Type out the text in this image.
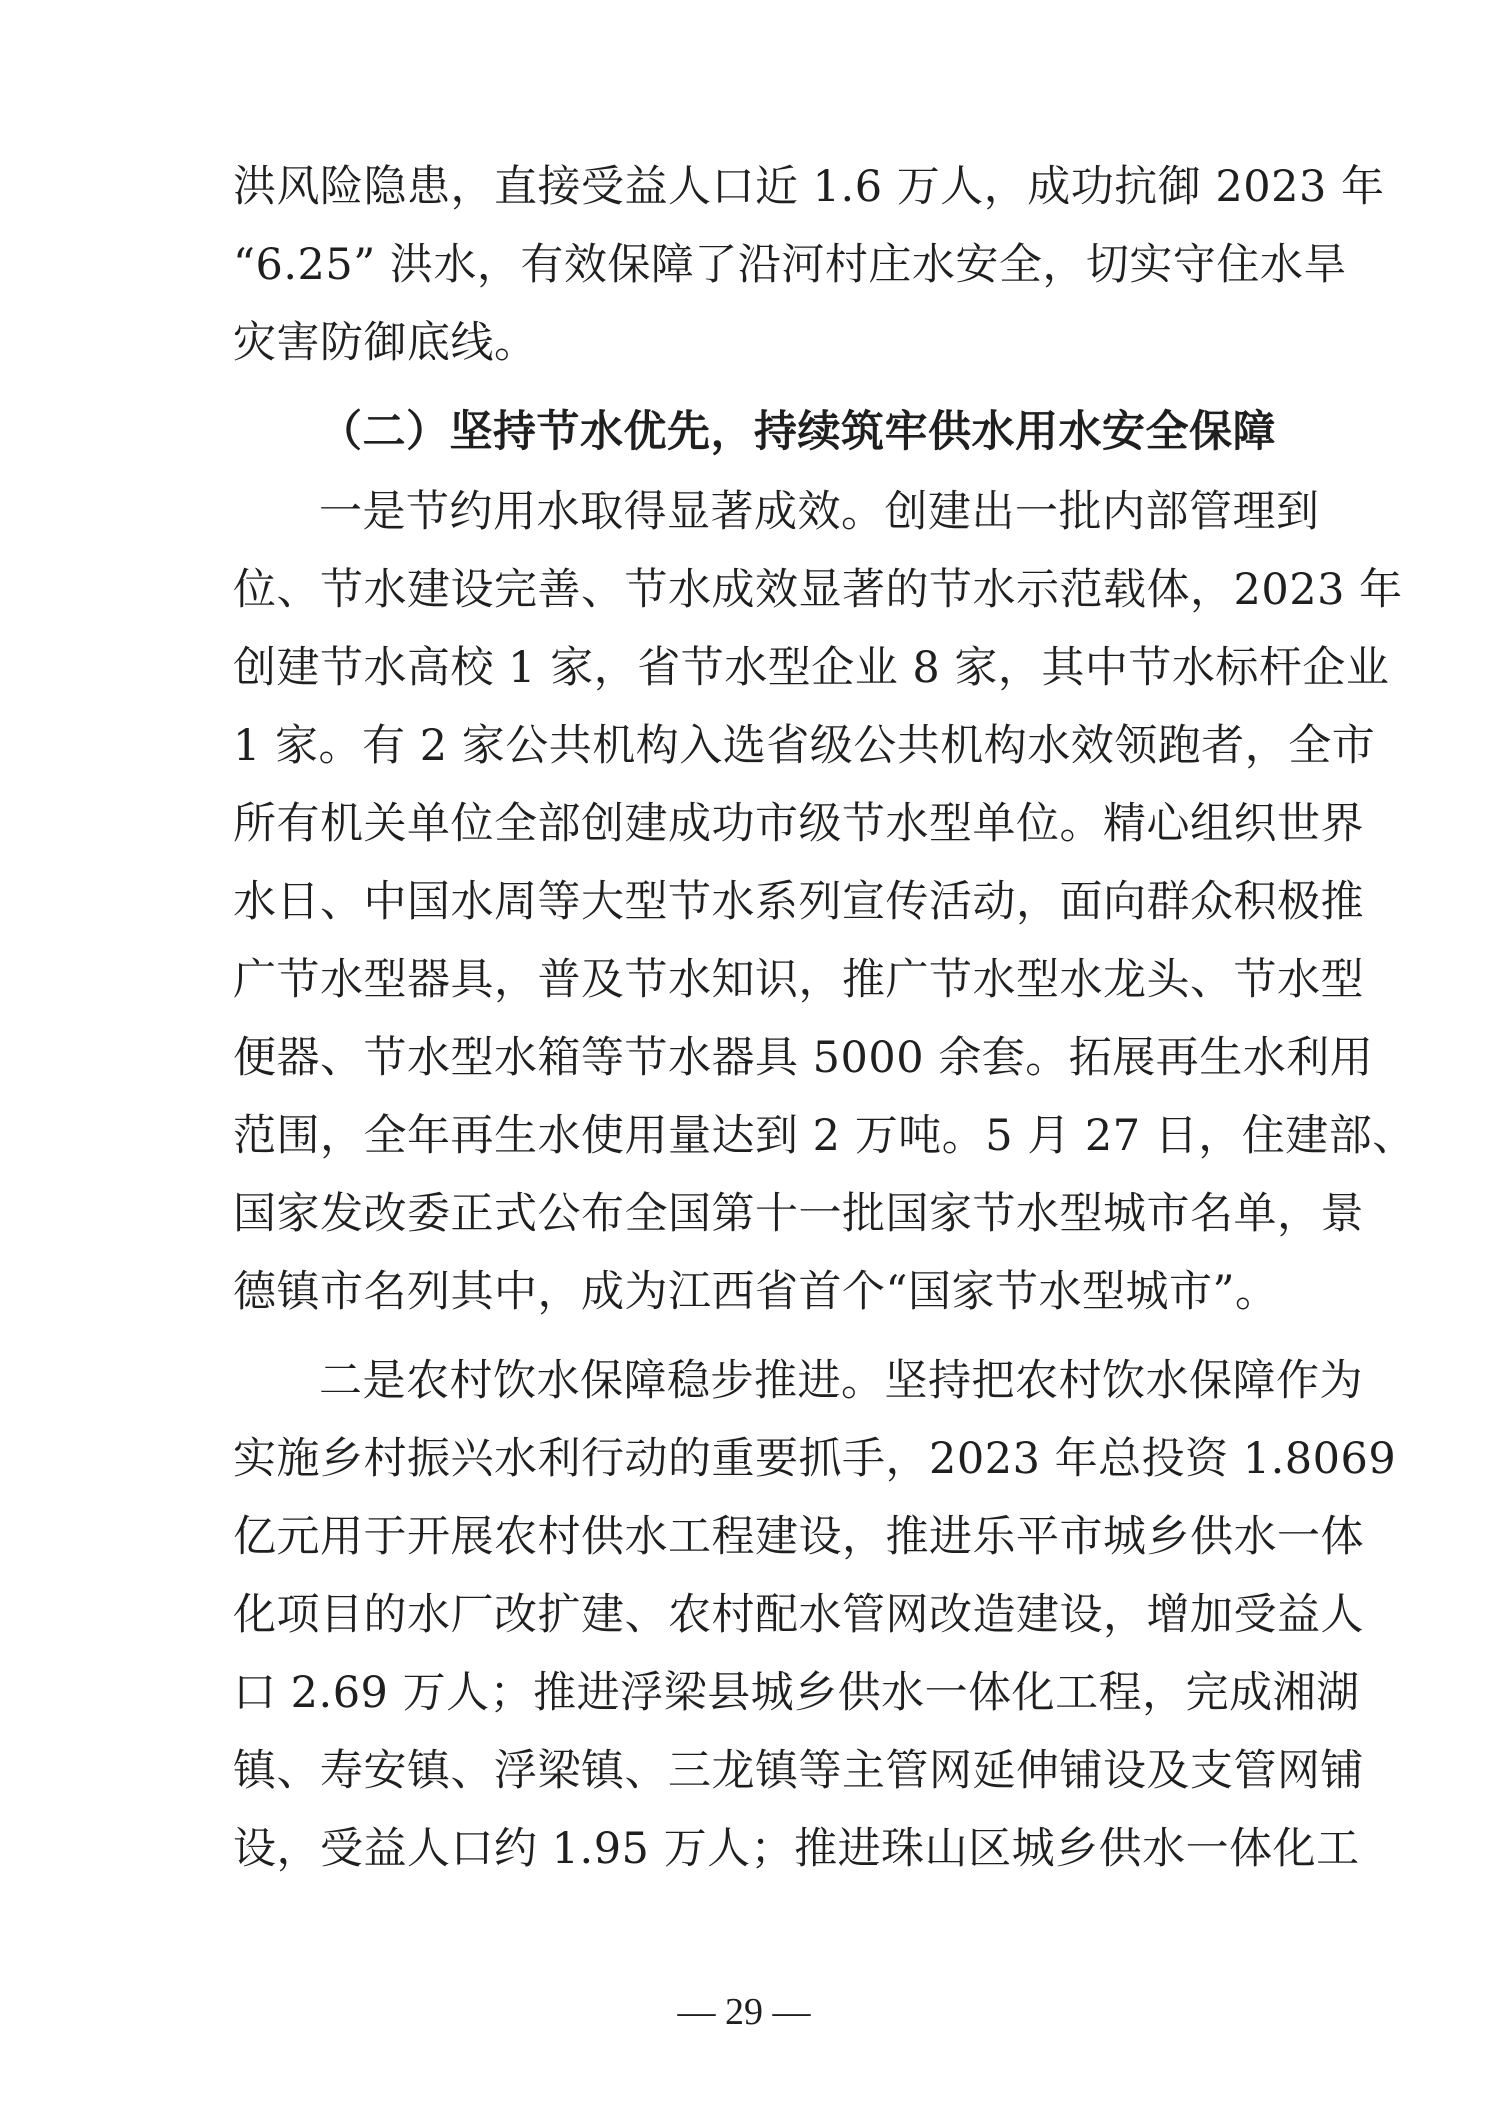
洪风险隐患，直接受益人口近 1.6 万人，成功抗御 2023 年
“6.25” 洪水，有效保障了沿河村庄水安全，切实守住水旱
灾害防御底线。
（二）坚持节水优先，持续筑牢供水用水安全保障
一是节约用水取得显著成效。创建出一批内部管理到
位、节水建设完善、节水成效显著的节水示范载体，2023 年
创建节水高校 1 家，省节水型企业 8 家，其中节水标杆企业
1 家。有 2 家公共机构入选省级公共机构水效领跑者，全市
所有机关单位全部创建成功市级节水型单位。精心组织世界
水日、中国水周等大型节水系列宣传活动，面向群众积极推
广节水型器具，普及节水知识，推广节水型水龙头、节水型
便器、节水型水箱等节水器具 5000 余套。拓展再生水利用
范围，全年再生水使用量达到 2 万吨。5 月 27 日，住建部、
国家发改委正式公布全国第十一批国家节水型城市名单，景
德镇市名列其中，成为江西省首个“国家节水型城市”。
二是农村饮水保障稳步推进。坚持把农村饮水保障作为
实施乡村振兴水利行动的重要抓手，2023 年总投资 1.8069
亿元用于开展农村供水工程建设，推进乐平市城乡供水一体
化项目的水厂改扩建、农村配水管网改造建设，增加受益人
口 2.69 万人；推进浮梁县城乡供水一体化工程，完成湘湖
镇、寿安镇、浮梁镇、三龙镇等主管网延伸铺设及支管网铺
设，受益人口约 1.95 万人；推进珠山区城乡供水一体化工
— 29 —
